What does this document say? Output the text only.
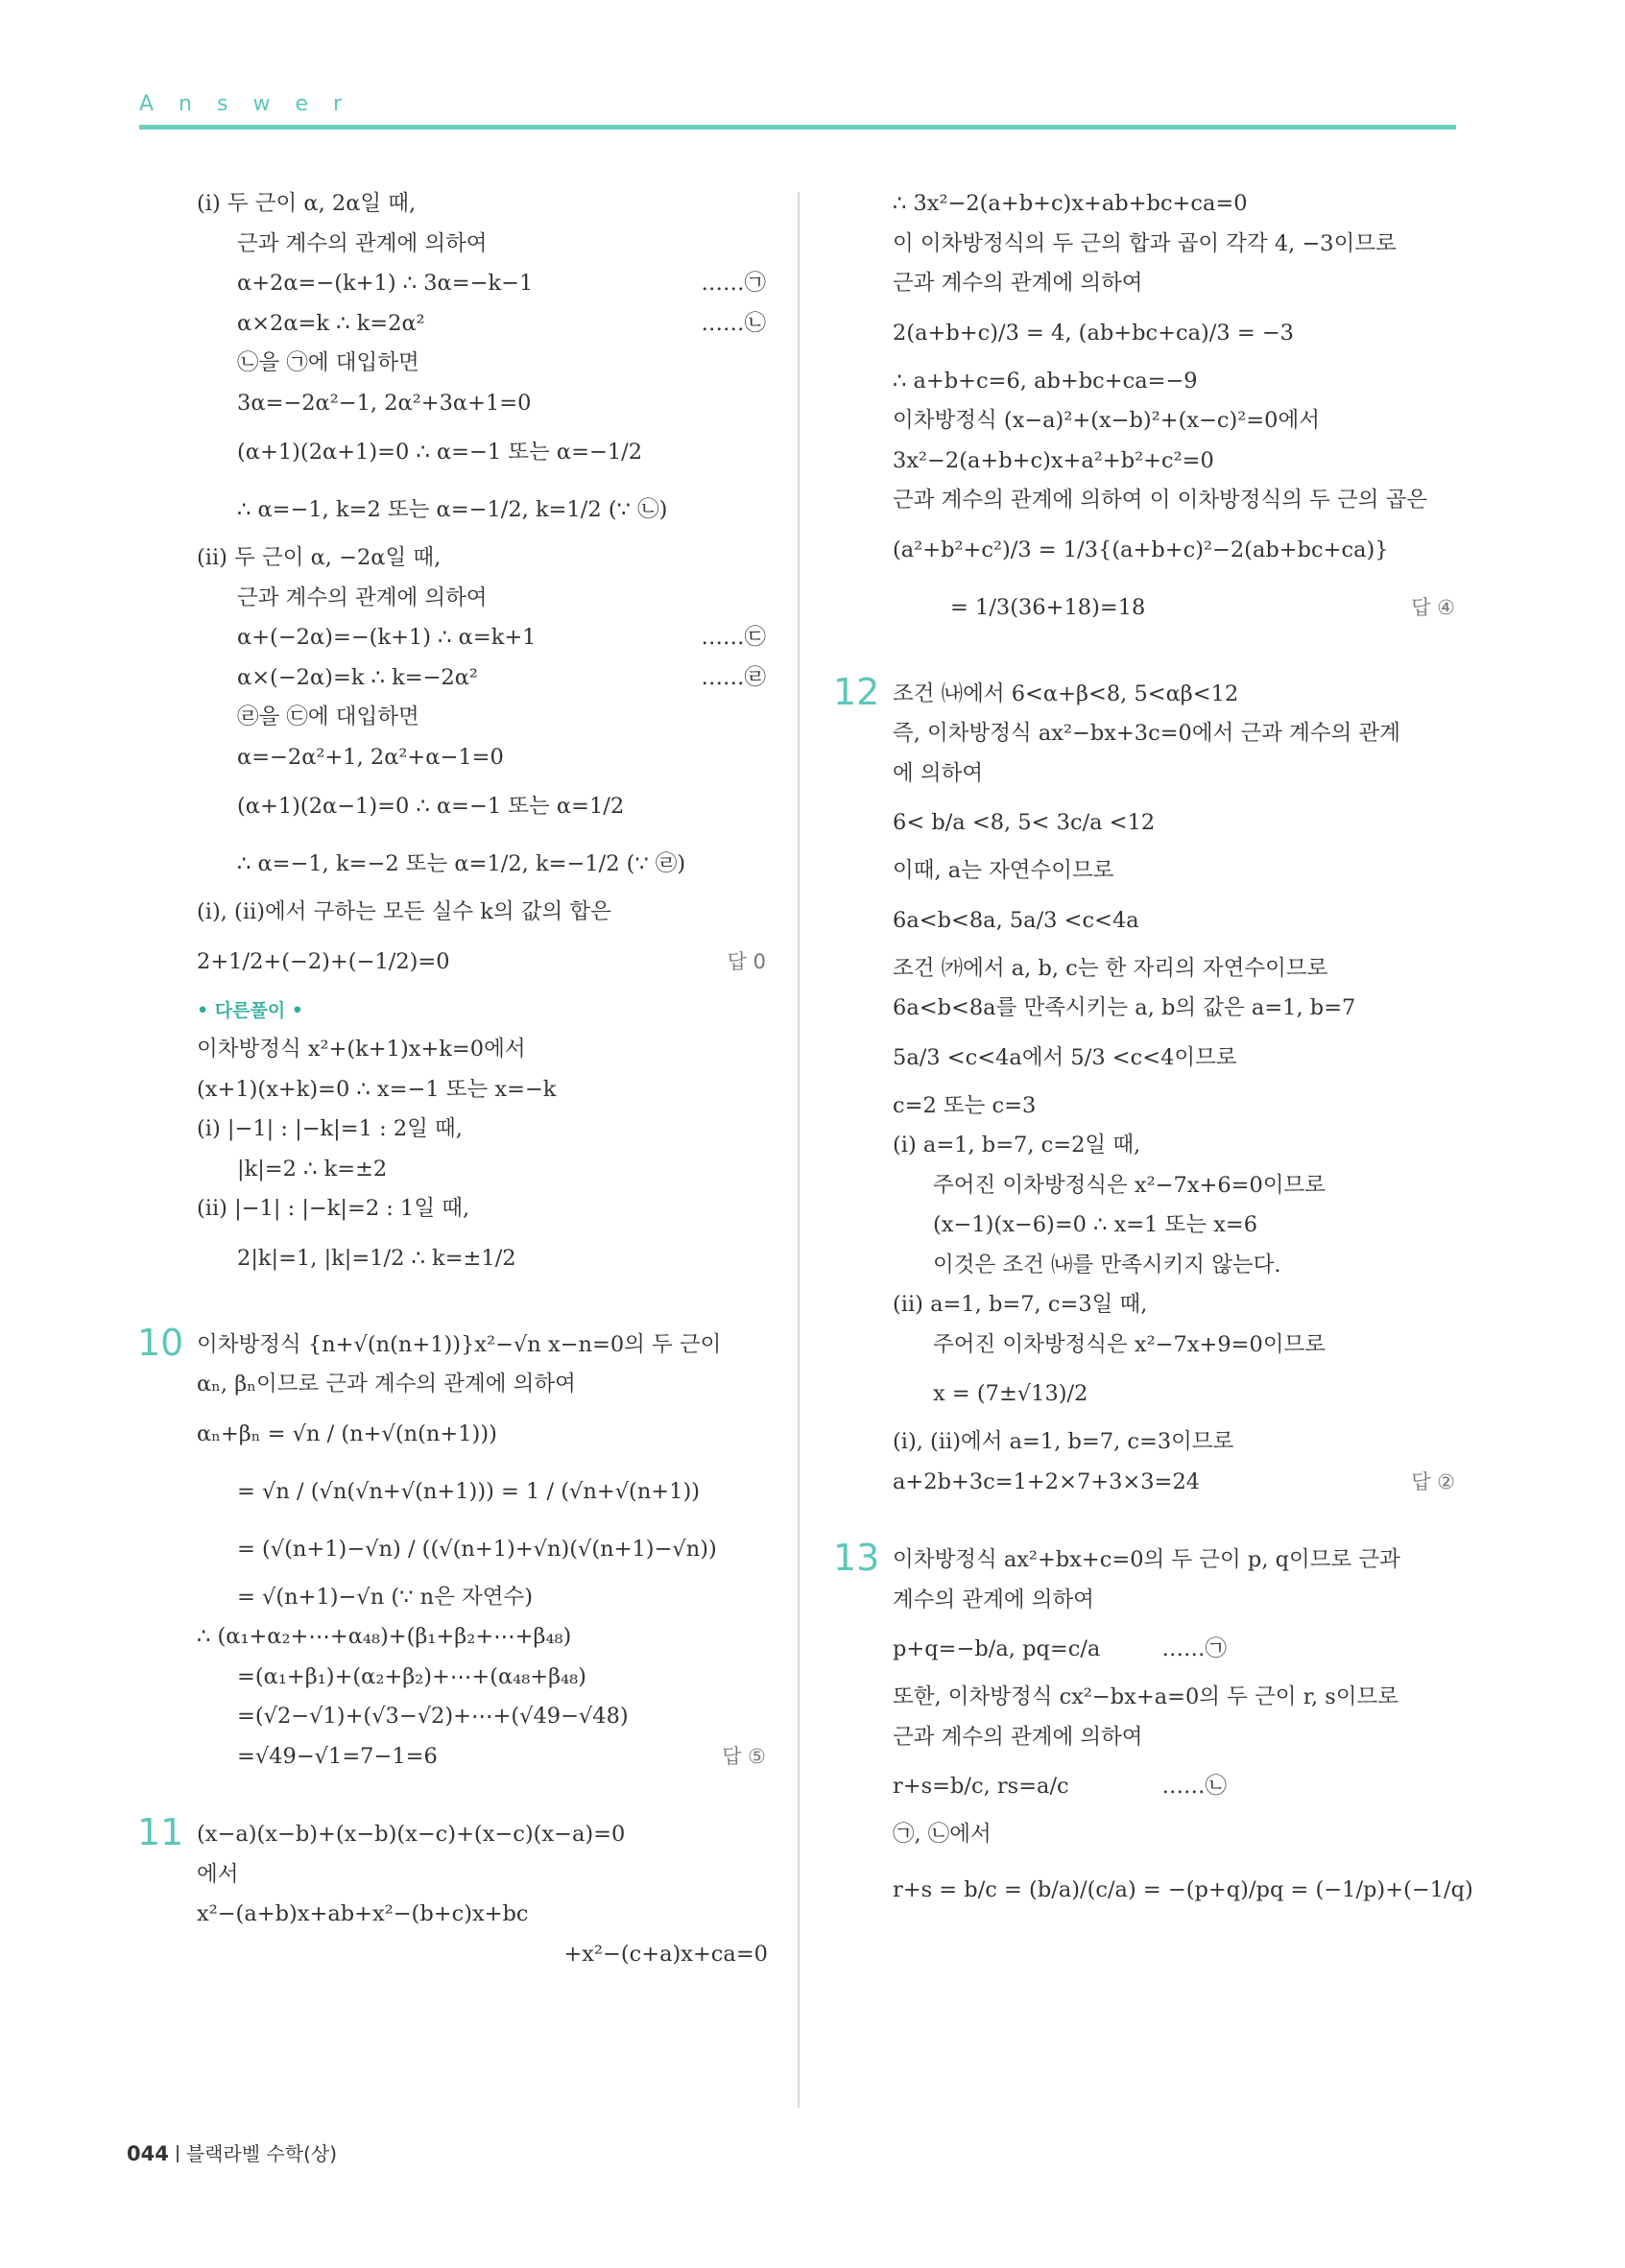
Answer
(i) 두 근이 α, 2α일 때,
근과 계수의 관계에 의하여
α+2α=−(k+1) ∴ 3α=−k−1	……㉠
α×2α=k ∴ k=2α²	……㉡
㉡을 ㉠에 대입하면
3α=−2α²−1, 2α²+3α+1=0
(α+1)(2α+1)=0 ∴ α=−1 또는 α=−1/2
∴ α=−1, k=2 또는 α=−1/2, k=1/2 (∵ ㉡)
(ii) 두 근이 α, −2α일 때,
근과 계수의 관계에 의하여
α+(−2α)=−(k+1) ∴ α=k+1	……㉢
α×(−2α)=k ∴ k=−2α²	……㉣
㉣을 ㉢에 대입하면
α=−2α²+1, 2α²+α−1=0
(α+1)(2α−1)=0 ∴ α=−1 또는 α=1/2
∴ α=−1, k=−2 또는 α=1/2, k=−1/2 (∵ ㉣)
(i), (ii)에서 구하는 모든 실수 k의 값의 합은
2+1/2+(−2)+(−1/2)=0	답 0
• 다른풀이 •
이차방정식 x²+(k+1)x+k=0에서
(x+1)(x+k)=0 ∴ x=−1 또는 x=−k
(i) |−1| : |−k|=1 : 2일 때,
|k|=2 ∴ k=±2
(ii) |−1| : |−k|=2 : 1일 때,
2|k|=1, |k|=1/2 ∴ k=±1/2
10 이차방정식 {n+√(n(n+1))}x²−√n x−n=0의 두 근이
αₙ, βₙ이므로 근과 계수의 관계에 의하여
αₙ+βₙ = √n / (n+√(n(n+1)))
= √n / (√n(√n+√(n+1))) = 1 / (√n+√(n+1))
= (√(n+1)−√n) / ((√(n+1)+√n)(√(n+1)−√n))
= √(n+1)−√n (∵ n은 자연수)
∴ (α₁+α₂+⋯+α₄₈)+(β₁+β₂+⋯+β₄₈)
=(α₁+β₁)+(α₂+β₂)+⋯+(α₄₈+β₄₈)
=(√2−√1)+(√3−√2)+⋯+(√49−√48)
=√49−√1=7−1=6	답 ⑤
11 (x−a)(x−b)+(x−b)(x−c)+(x−c)(x−a)=0
에서
x²−(a+b)x+ab+x²−(b+c)x+bc
+x²−(c+a)x+ca=0
∴ 3x²−2(a+b+c)x+ab+bc+ca=0
이 이차방정식의 두 근의 합과 곱이 각각 4, −3이므로
근과 계수의 관계에 의하여
2(a+b+c)/3 = 4, (ab+bc+ca)/3 = −3
∴ a+b+c=6, ab+bc+ca=−9
이차방정식 (x−a)²+(x−b)²+(x−c)²=0에서
3x²−2(a+b+c)x+a²+b²+c²=0
근과 계수의 관계에 의하여 이 이차방정식의 두 근의 곱은
(a²+b²+c²)/3 = 1/3{(a+b+c)²−2(ab+bc+ca)}
= 1/3(36+18)=18	답 ④
12 조건 ㈏에서 6<α+β<8, 5<αβ<12
즉, 이차방정식 ax²−bx+3c=0에서 근과 계수의 관계
에 의하여
6< b/a <8, 5< 3c/a <12
이때, a는 자연수이므로
6a<b<8a, 5a/3 <c<4a
조건 ㈎에서 a, b, c는 한 자리의 자연수이므로
6a<b<8a를 만족시키는 a, b의 값은 a=1, b=7
5a/3 <c<4a에서 5/3 <c<4이므로
c=2 또는 c=3
(i) a=1, b=7, c=2일 때,
주어진 이차방정식은 x²−7x+6=0이므로
(x−1)(x−6)=0 ∴ x=1 또는 x=6
이것은 조건 ㈏를 만족시키지 않는다.
(ii) a=1, b=7, c=3일 때,
주어진 이차방정식은 x²−7x+9=0이므로
x = (7±√13)/2
(i), (ii)에서 a=1, b=7, c=3이므로
a+2b+3c=1+2×7+3×3=24	답 ②
13 이차방정식 ax²+bx+c=0의 두 근이 p, q이므로 근과
계수의 관계에 의하여
p+q=−b/a, pq=c/a	……㉠
또한, 이차방정식 cx²−bx+a=0의 두 근이 r, s이므로
근과 계수의 관계에 의하여
r+s=b/c, rs=a/c	……㉡
㉠, ㉡에서
r+s = b/c = (b/a)/(c/a) = −(p+q)/pq = (−1/p)+(−1/q)
044 블랙라벨 수학(상)
